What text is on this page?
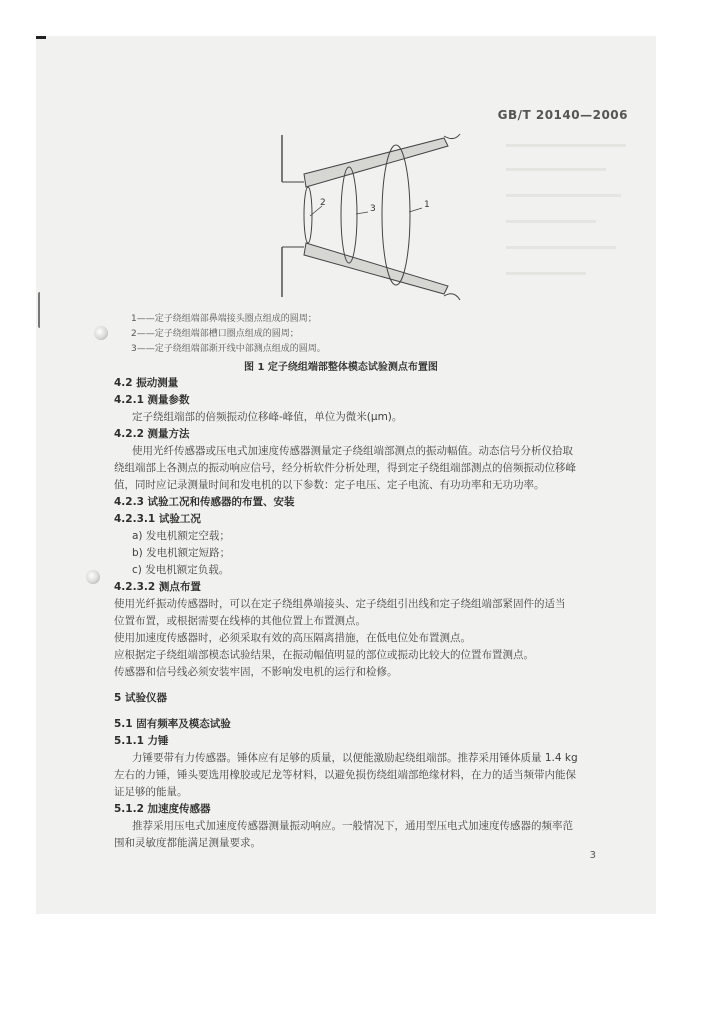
GB/T 20140—2006
2
3	1
1——定子绕组端部鼻端接头圈点组成的圆周；
2——定子绕组端部槽口圈点组成的圆周；
3——定子绕组端部渐开线中部测点组成的圆周。
图 1 定子绕组端部整体模态试验测点布置图
4.2 振动测量
4.2.1 测量参数
定子绕组端部的倍频振动位移峰-峰值，单位为微米(μm)。
4.2.2 测量方法
使用光纤传感器或压电式加速度传感器测量定子绕组端部测点的振动幅值。动态信号分析仪拾取
绕组端部上各测点的振动响应信号，经分析软件分析处理，得到定子绕组端部测点的倍频振动位移峰
值，同时应记录测量时间和发电机的以下参数：定子电压、定子电流、有功功率和无功功率。
4.2.3 试验工况和传感器的布置、安装
4.2.3.1 试验工况
a) 发电机额定空载；
b) 发电机额定短路；
c) 发电机额定负载。
4.2.3.2 测点布置
使用光纤振动传感器时，可以在定子绕组鼻端接头、定子绕组引出线和定子绕组端部紧固件的适当
位置布置，或根据需要在线棒的其他位置上布置测点。
使用加速度传感器时，必须采取有效的高压隔离措施，在低电位处布置测点。
应根据定子绕组端部模态试验结果，在振动幅值明显的部位或振动比较大的位置布置测点。
传感器和信号线必须安装牢固，不影响发电机的运行和检修。
5 试验仪器
5.1 固有频率及模态试验
5.1.1 力锤
力锤要带有力传感器。锤体应有足够的质量，以便能激励起绕组端部。推荐采用锤体质量 1.4 kg
左右的力锤，锤头要选用橡胶或尼龙等材料，以避免损伤绕组端部绝缘材料，在力的适当频带内能保
证足够的能量。
5.1.2 加速度传感器
推荐采用压电式加速度传感器测量振动响应。一般情况下，通用型压电式加速度传感器的频率范
围和灵敏度都能满足测量要求。
3
